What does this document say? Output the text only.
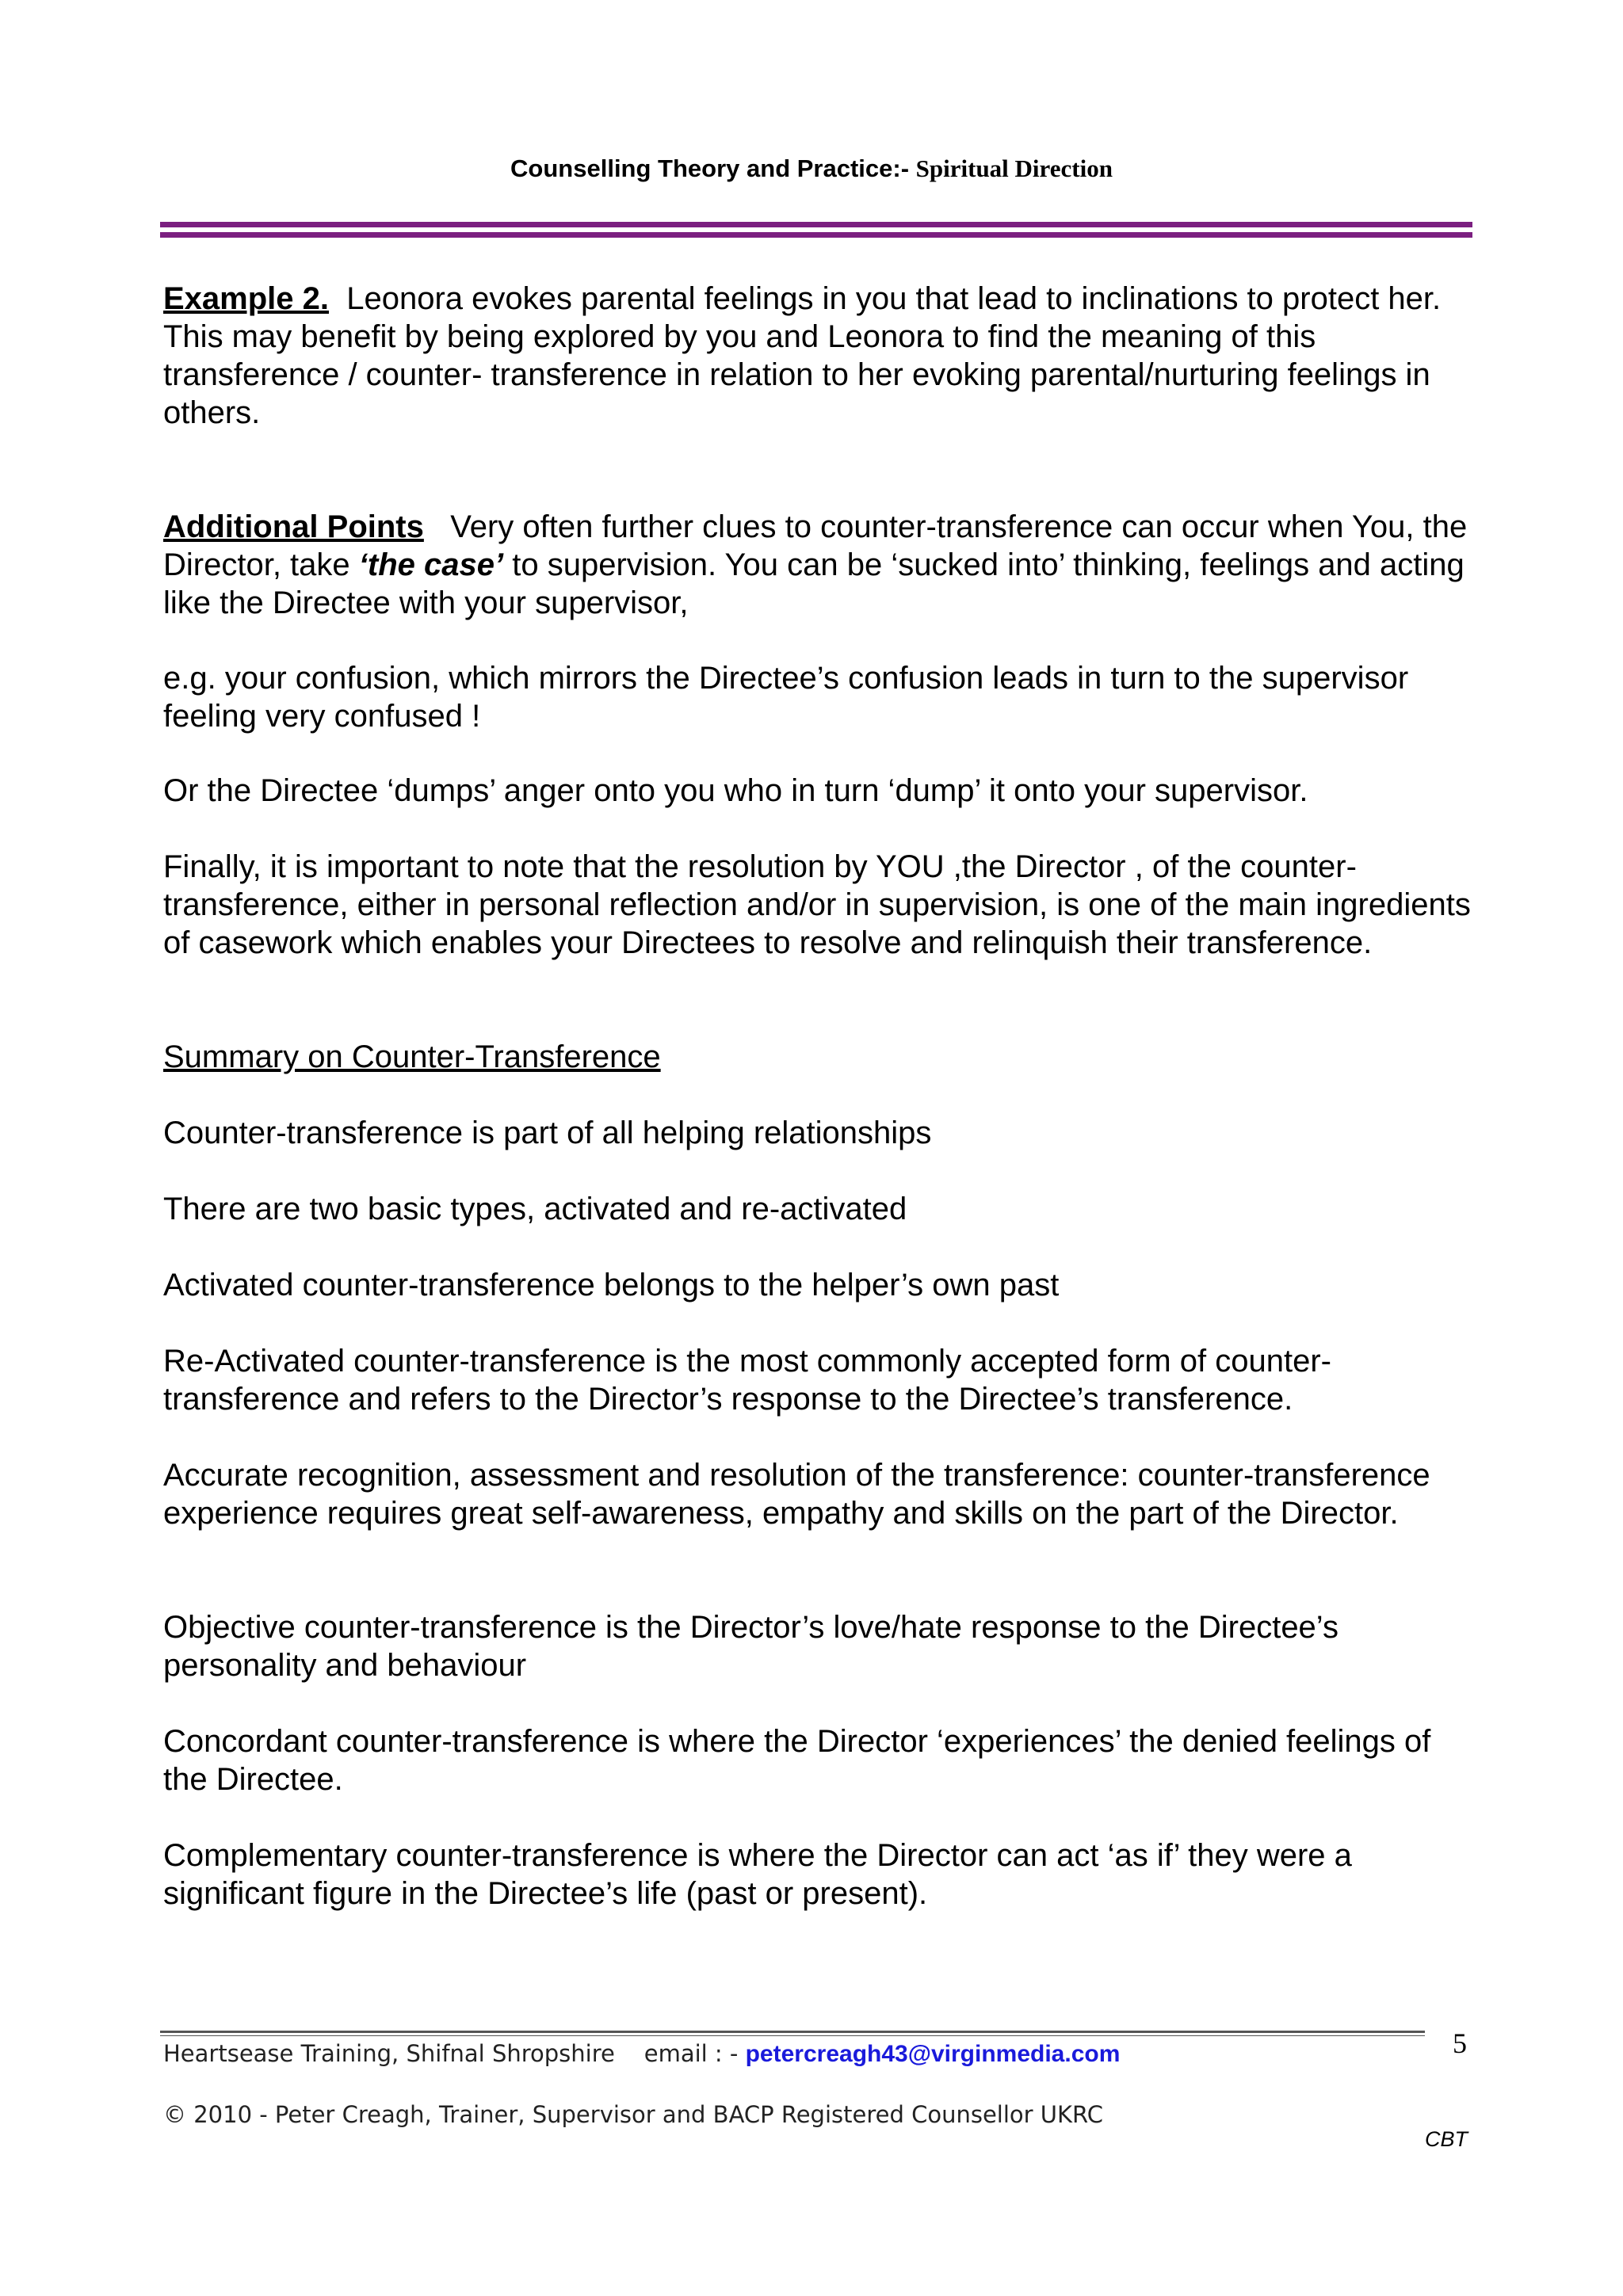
Counselling Theory and Practice:- Spiritual Direction

Example 2. Leonora evokes parental feelings in you that lead to inclinations to protect her. This may benefit by being explored by you and Leonora to find the meaning of this transference / counter- transference in relation to her evoking parental/nurturing feelings in others.

Additional Points Very often further clues to counter-transference can occur when You, the Director, take ‘the case’ to supervision. You can be ‘sucked into’ thinking, feelings and acting like the Directee with your supervisor,

e.g. your confusion, which mirrors the Directee’s confusion leads in turn to the supervisor feeling very confused !

Or the Directee ‘dumps’ anger onto you who in turn ‘dump’ it onto your supervisor.

Finally, it is important to note that the resolution by YOU ,the Director , of the counter-transference, either in personal reflection and/or in supervision, is one of the main ingredients of casework which enables your Directees to resolve and relinquish their transference.

Summary on Counter-Transference

Counter-transference is part of all helping relationships

There are two basic types, activated and re-activated

Activated counter-transference belongs to the helper’s own past

Re-Activated counter-transference is the most commonly accepted form of counter-transference and refers to the Director’s response to the Directee’s transference.

Accurate recognition, assessment and resolution of the transference: counter-transference experience requires great self-awareness, empathy and skills on the part of the Director.

Objective counter-transference is the Director’s love/hate response to the Directee’s personality and behaviour

Concordant counter-transference is where the Director ‘experiences’ the denied feelings of the Directee.

Complementary counter-transference is where the Director can act ‘as if’ they were a significant figure in the Directee’s life (past or present).

Heartsease Training, Shifnal Shropshire email : - petercreagh43@virginmedia.com	5
© 2010 - Peter Creagh, Trainer, Supervisor and BACP Registered Counsellor UKRC
CBT
